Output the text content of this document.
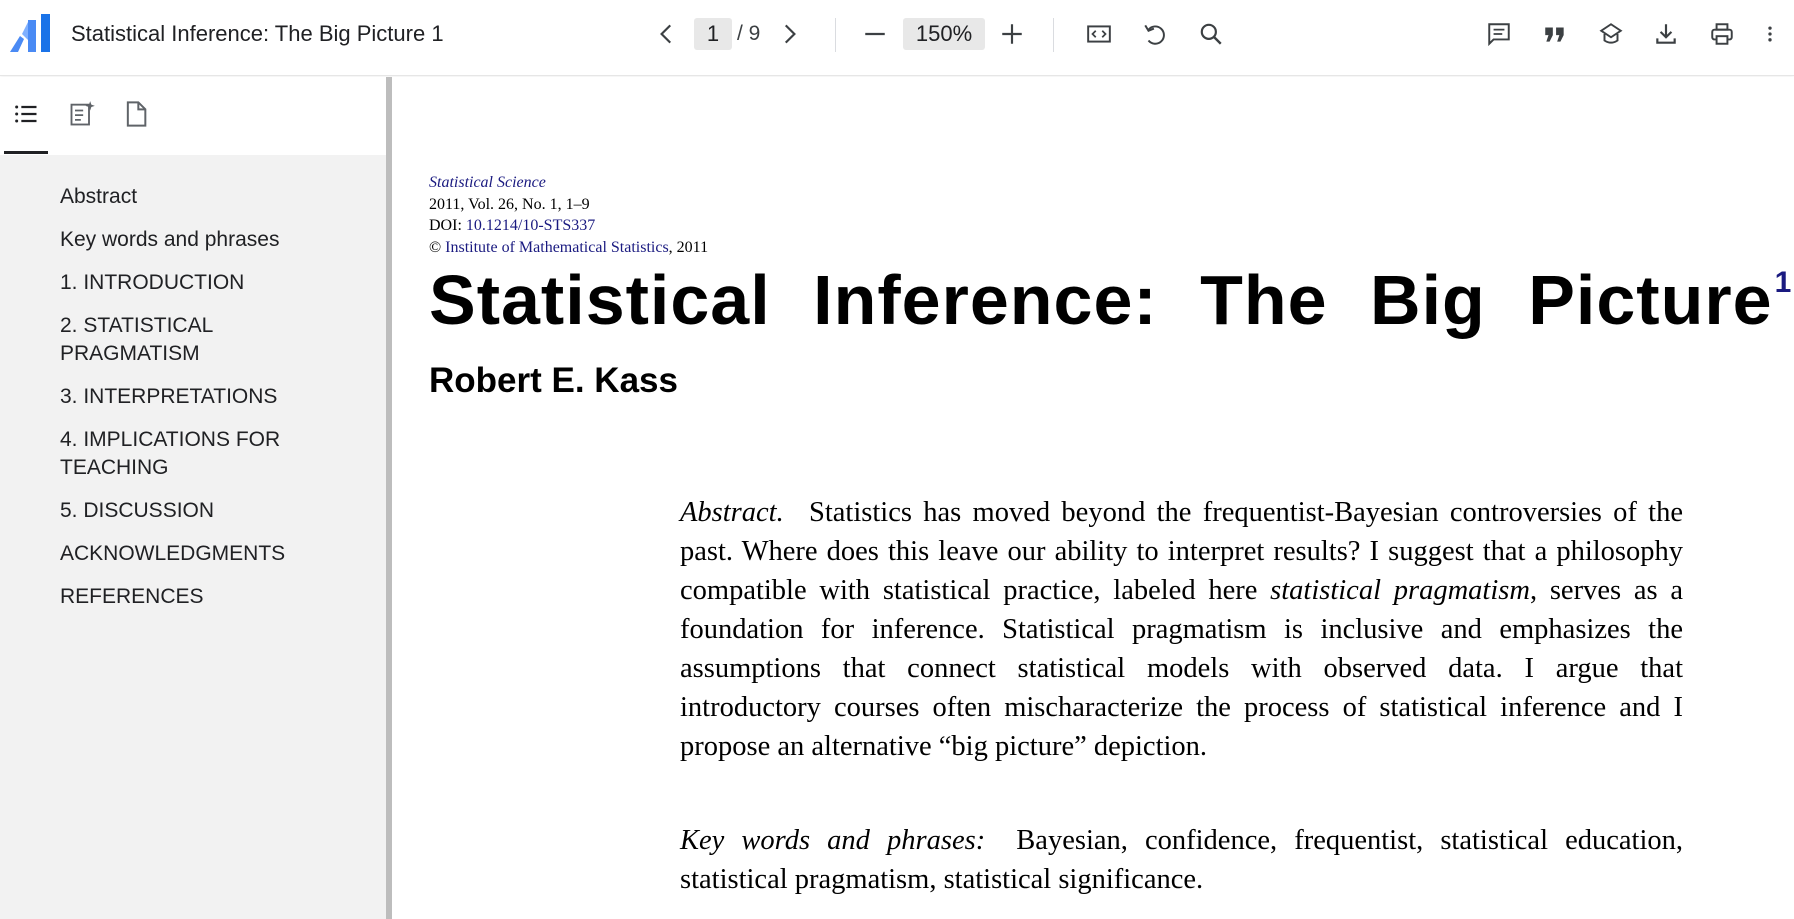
Statistical Inference: The Big Picture 1	1 / 9	150%
Abstract
Key words and phrases
1. INTRODUCTION
2. STATISTICAL PRAGMATISM
3. INTERPRETATIONS
4. IMPLICATIONS FOR TEACHING
5. DISCUSSION
ACKNOWLEDGMENTS
REFERENCES
Statistical Science
2011, Vol. 26, No. 1, 1–9
DOI: 10.1214/10-STS337
© Institute of Mathematical Statistics, 2011
Statistical Inference: The Big Picture$^1$
Robert E. Kass
Abstract. Statistics has moved beyond the frequentist-Bayesian controversies of the past. Where does this leave our ability to interpret results? I suggest that a philosophy compatible with statistical practice, labeled here statistical pragmatism, serves as a foundation for inference. Statistical pragmatism is inclusive and emphasizes the assumptions that connect statistical models with observed data. I argue that introductory courses often mischaracterize the process of statistical inference and I propose an alternative “big picture” depiction.
Key words and phrases: Bayesian, confidence, frequentist, statistical education, statistical pragmatism, statistical significance.
